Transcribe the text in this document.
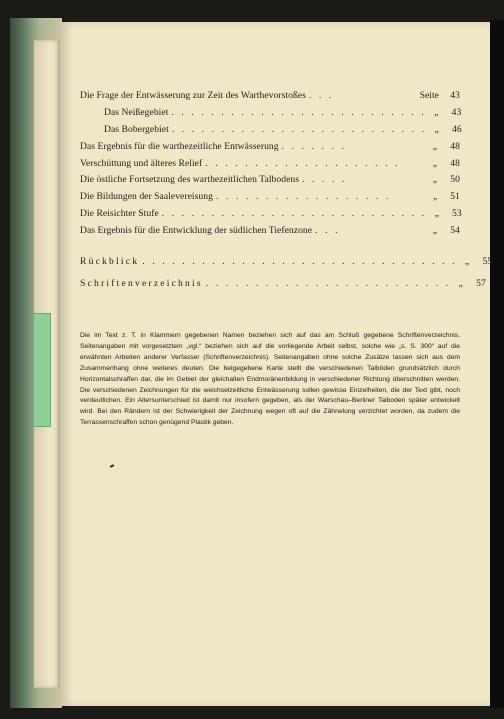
Die Frage der Entwässerung zur Zeit des Warthevorstoßes . . .	Seite	43
Das Neißegebiet . . . . . . . . . . . . . . . . . . . . . . . . . . „	43
Das Bobergebiet . . . . . . . . . . . . . . . . . . . . . . . . . . „	46
Das Ergebnis für die warthezeitliche Entwässerung . . . . . . .	„	48
Verschüttung und älteres Relief . . . . . . . . . . . . . . . . . . . .	„	48
Die östliche Fortsetzung des warthezeitlichen Talbodens . . . . .	„	50
Die Bildungen der Saalevereisung . . . . . . . . . . . . . . . . . .	„	51
Die Reisichter Stufe . . . . . . . . . . . . . . . . . . . . . . . . . . . „	53
Das Ergebnis für die Entwicklung der südlichen Tiefenzone . . .	„	54
Rückblick . . . . . . . . . . . . . . . . . . . . . . . . . . . . . . . . „	55
Schriftenverzeichnis . . . . . . . . . . . . . . . . . . . . . . . . . „	57
Die im Text z. T. in Klammern gegebenen Namen beziehen sich auf das am Schluß gegebene Schriftenverzeichnis. Seitenangaben mit vorgesetztem „vgl.“ beziehen sich auf die vorliegende Arbeit selbst, solche wie „s. S. 300“ auf die erwähnten Arbeiten anderer Verfasser (Schriftenverzeichnis). Seitenangaben ohne solche Zusätze lassen sich aus dem Zusammenhang ohne weiteres deuten. Die beigegebene Karte stellt die verschiedenen Talböden grundsätzlich durch Horizontalschraffen dar, die im Gebiet der gleichalten Endmoränenbildung in verschiedener Richtung überschnitten werden. Die verschiedenen Zeichnungen für die weichselzeitliche Entwässerung sollen gewisse Einzelheiten, die der Text gibt, noch verdeutlichen. Ein Altersunterschied ist damit nur insofern gegeben, als der Warschau–Berliner Talboden später entwickelt wird. Bei den Rändern ist der Schwierigkeit der Zeichnung wegen oft auf die Zähnelung verzichtet worden, da zudem die Terrassenschraffen schon genügend Plastik geben.
